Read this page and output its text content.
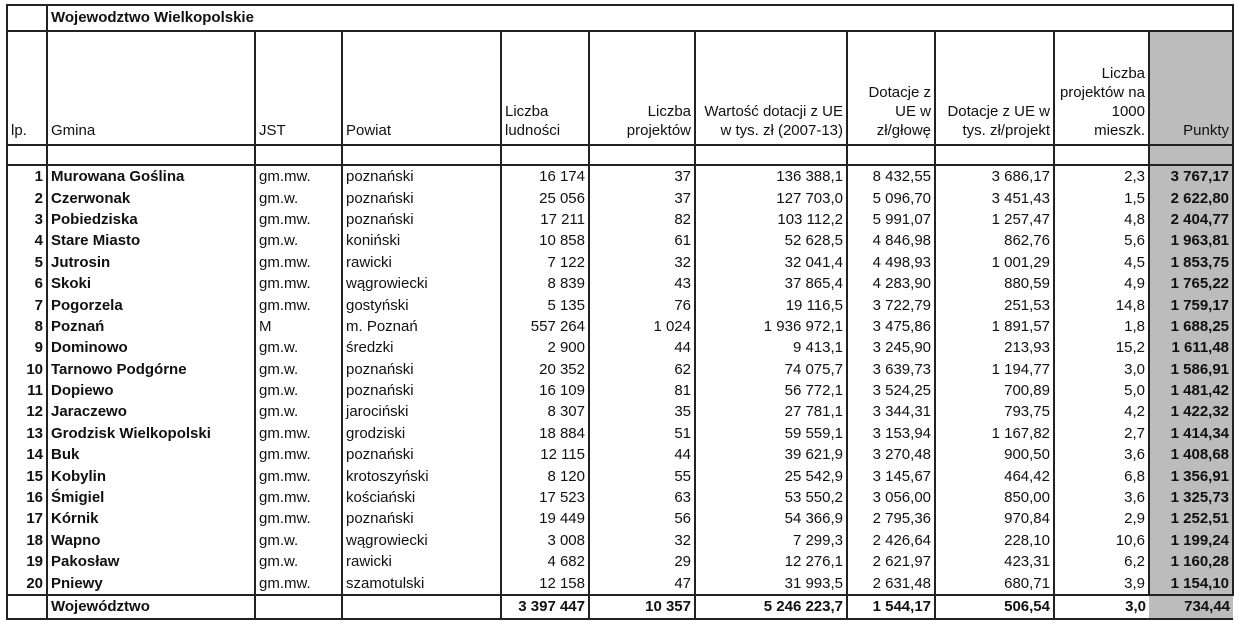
	Wojewodztwo Wielkopolskie									
lp.	Gmina	JST	Powiat	Liczba ludności	Liczba projektów	Wartość dotacji z UE w tys. zł (2007-13)	Dotacje z UE w zł/głowę	Dotacje z UE w tys. zł/projekt	Liczba projektów na 1000 mieszk.	Punkty

1	Murowana Goślina	gm.mw.	poznański	16 174	37	136 388,1	8 432,55	3 686,17	2,3	3 767,17
2	Czerwonak	gm.w.	poznański	25 056	37	127 703,0	5 096,70	3 451,43	1,5	2 622,80
3	Pobiedziska	gm.mw.	poznański	17 211	82	103 112,2	5 991,07	1 257,47	4,8	2 404,77
4	Stare Miasto	gm.w.	koniński	10 858	61	52 628,5	4 846,98	862,76	5,6	1 963,81
5	Jutrosin	gm.mw.	rawicki	7 122	32	32 041,4	4 498,93	1 001,29	4,5	1 853,75
6	Skoki	gm.mw.	wągrowiecki	8 839	43	37 865,4	4 283,90	880,59	4,9	1 765,22
7	Pogorzela	gm.mw.	gostyński	5 135	76	19 116,5	3 722,79	251,53	14,8	1 759,17
8	Poznań	M	m. Poznań	557 264	1 024	1 936 972,1	3 475,86	1 891,57	1,8	1 688,25
9	Dominowo	gm.w.	średzki	2 900	44	9 413,1	3 245,90	213,93	15,2	1 611,48
10	Tarnowo Podgórne	gm.w.	poznański	20 352	62	74 075,7	3 639,73	1 194,77	3,0	1 586,91
11	Dopiewo	gm.w.	poznański	16 109	81	56 772,1	3 524,25	700,89	5,0	1 481,42
12	Jaraczewo	gm.w.	jarociński	8 307	35	27 781,1	3 344,31	793,75	4,2	1 422,32
13	Grodzisk Wielkopolski	gm.mw.	grodziski	18 884	51	59 559,1	3 153,94	1 167,82	2,7	1 414,34
14	Buk	gm.mw.	poznański	12 115	44	39 621,9	3 270,48	900,50	3,6	1 408,68
15	Kobylin	gm.mw.	krotoszyński	8 120	55	25 542,9	3 145,67	464,42	6,8	1 356,91
16	Śmigiel	gm.mw.	kościański	17 523	63	53 550,2	3 056,00	850,00	3,6	1 325,73
17	Kórnik	gm.mw.	poznański	19 449	56	54 366,9	2 795,36	970,84	2,9	1 252,51
18	Wapno	gm.w.	wągrowiecki	3 008	32	7 299,3	2 426,64	228,10	10,6	1 199,24
19	Pakosław	gm.w.	rawicki	4 682	29	12 276,1	2 621,97	423,31	6,2	1 160,28
20	Pniewy	gm.mw.	szamotulski	12 158	47	31 993,5	2 631,48	680,71	3,9	1 154,10
	Województwo			3 397 447	10 357	5 246 223,7	1 544,17	506,54	3,0	734,44
